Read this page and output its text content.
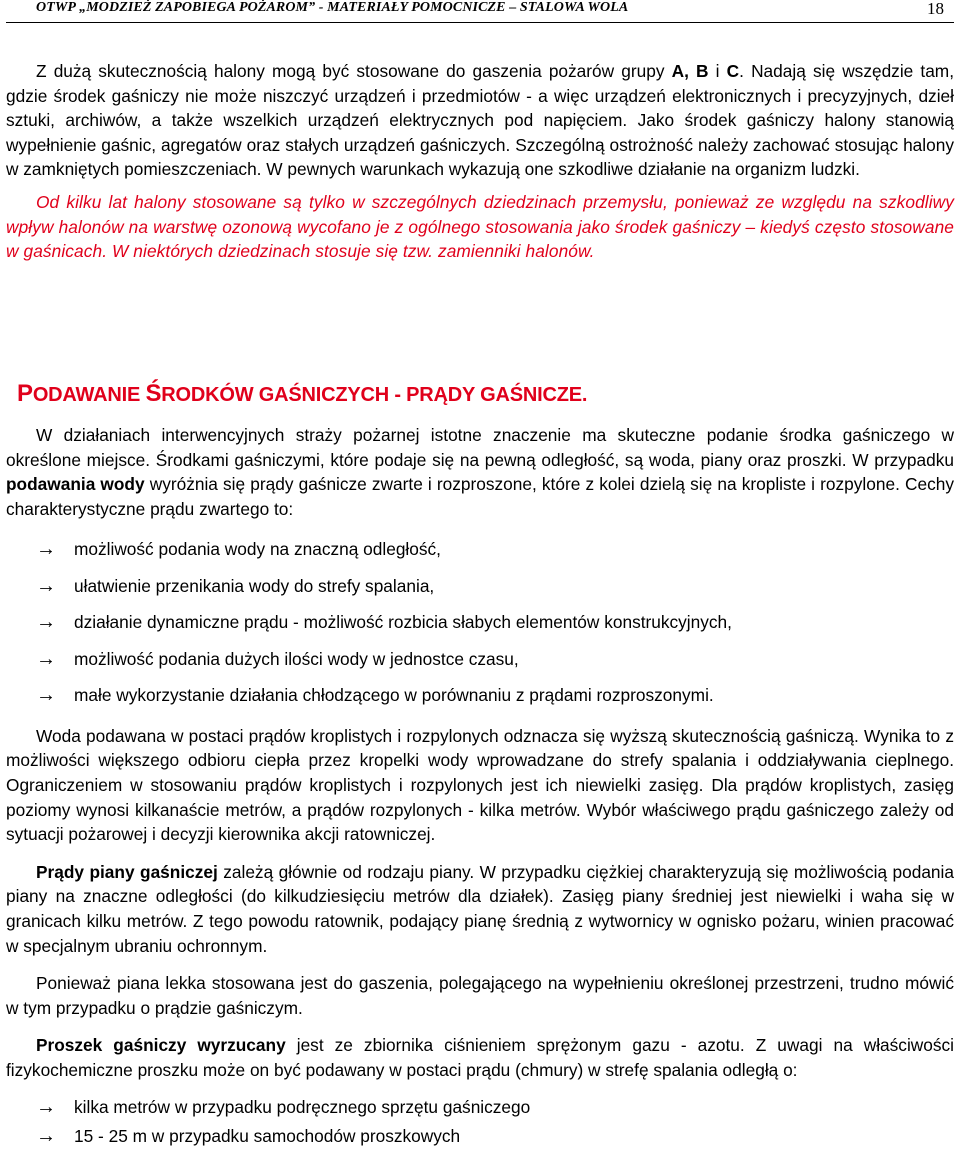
OTWP „MODZIEŻ ZAPOBIEGA POŻAROM” - MATERIAŁY POMOCNICZE – STALOWA WOLA	18

Z dużą skutecznością halony mogą być stosowane do gaszenia pożarów grupy A, B i C. Nadają się wszędzie tam, gdzie środek gaśniczy nie może niszczyć urządzeń i przedmiotów - a więc urządzeń elektronicznych i precyzyjnych, dzieł sztuki, archiwów, a także wszelkich urządzeń elektrycznych pod napięciem. Jako środek gaśniczy halony stanowią wypełnienie gaśnic, agregatów oraz stałych urządzeń gaśniczych. Szczególną ostrożność należy zachować stosując halony w zamkniętych pomieszczeniach. W pewnych warunkach wykazują one szkodliwe działanie na organizm ludzki.

Od kilku lat halony stosowane są tylko w szczególnych dziedzinach przemysłu, ponieważ ze względu na szkodliwy wpływ halonów na warstwę ozonową wycofano je z ogólnego stosowania jako środek gaśniczy – kiedyś często stosowane w gaśnicach. W niektórych dziedzinach stosuje się tzw. zamienniki halonów.

PODAWANIE ŚRODKÓW GAŚNICZYCH - PRĄDY GAŚNICZE.

W działaniach interwencyjnych straży pożarnej istotne znaczenie ma skuteczne podanie środka gaśniczego w określone miejsce. Środkami gaśniczymi, które podaje się na pewną odległość, są woda, piany oraz proszki. W przypadku podawania wody wyróżnia się prądy gaśnicze zwarte i rozproszone, które z kolei dzielą się na kropliste i rozpylone. Cechy charakterystyczne prądu zwartego to:

→	możliwość podania wody na znaczną odległość,
→	ułatwienie przenikania wody do strefy spalania,
→	działanie dynamiczne prądu - możliwość rozbicia słabych elementów konstrukcyjnych,
→	możliwość podania dużych ilości wody w jednostce czasu,
→	małe wykorzystanie działania chłodzącego w porównaniu z prądami rozproszonymi.

Woda podawana w postaci prądów kroplistych i rozpylonych odznacza się wyższą skutecznością gaśniczą. Wynika to z możliwości większego odbioru ciepła przez kropelki wody wprowadzane do strefy spalania i oddziaływania cieplnego. Ograniczeniem w stosowaniu prądów kroplistych i rozpylonych jest ich niewielki zasięg. Dla prądów kroplistych, zasięg poziomy wynosi kilkanaście metrów, a prądów rozpylonych - kilka metrów. Wybór właściwego prądu gaśniczego zależy od sytuacji pożarowej i decyzji kierownika akcji ratowniczej.

Prądy piany gaśniczej zależą głównie od rodzaju piany. W przypadku ciężkiej charakteryzują się możliwością podania piany na znaczne odległości (do kilkudziesięciu metrów dla działek). Zasięg piany średniej jest niewielki i waha się w granicach kilku metrów. Z tego powodu ratownik, podający pianę średnią z wytwornicy w ognisko pożaru, winien pracować w specjalnym ubraniu ochronnym.

Ponieważ piana lekka stosowana jest do gaszenia, polegającego na wypełnieniu określonej przestrzeni, trudno mówić w tym przypadku o prądzie gaśniczym.

Proszek gaśniczy wyrzucany jest ze zbiornika ciśnieniem sprężonym gazu - azotu. Z uwagi na właściwości fizykochemiczne proszku może on być podawany w postaci prądu (chmury) w strefę spalania odległą o:

→	kilka metrów w przypadku podręcznego sprzętu gaśniczego
→	15 - 25 m w przypadku samochodów proszkowych
